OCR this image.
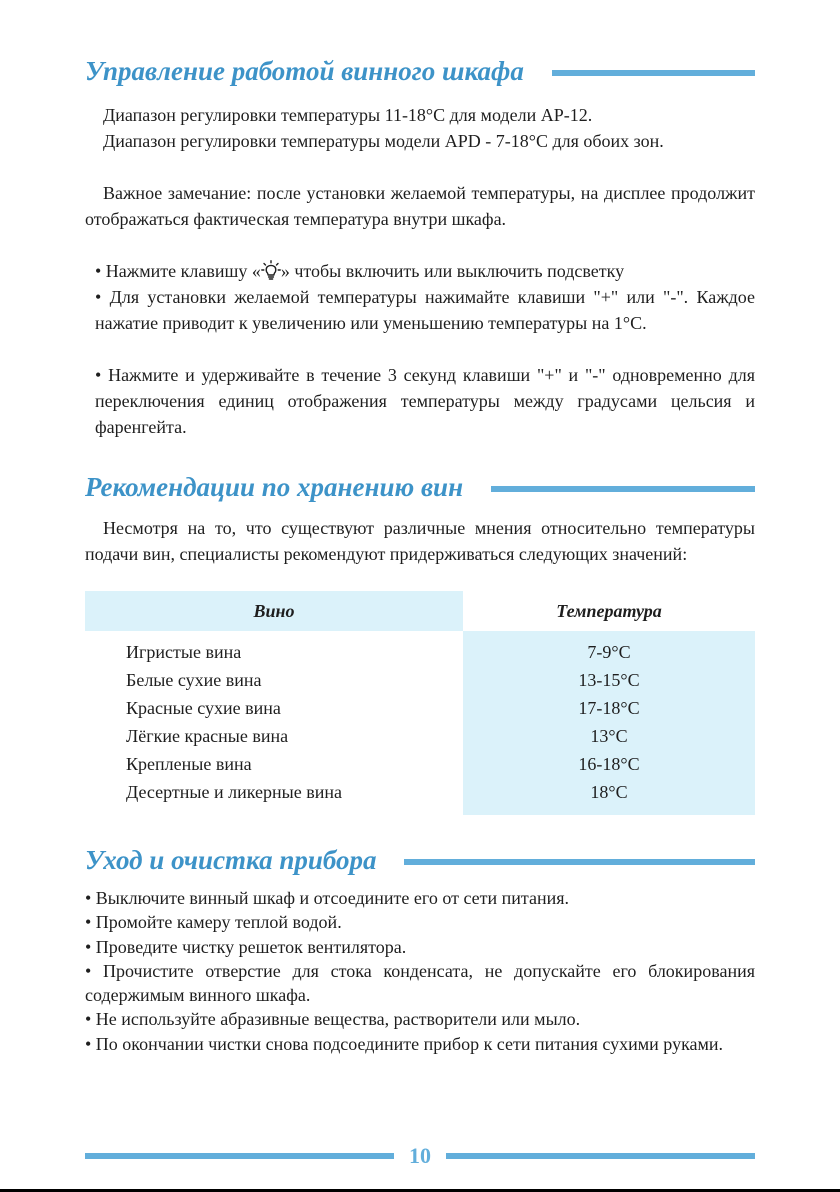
Управление работой винного шкафа

Диапазон регулировки температуры 11-18°С для модели АР-12.
Диапазон регулировки температуры модели APD - 7-18°С для обоих зон.

Важное замечание: после установки желаемой температуры, на дисплее продолжит отображаться фактическая температура внутри шкафа.

• Нажмите клавишу « » чтобы включить или выключить подсветку

• Для установки желаемой температуры нажимайте клавиши "+" или "-". Каждое нажатие приводит к увеличению или уменьшению температуры на 1°С.

• Нажмите и удерживайте в течение 3 секунд клавиши "+" и "-" одновременно для переключения единиц отображения температуры между градусами цельсия и фаренгейта.

Рекомендации по хранению вин

Несмотря на то, что существуют различные мнения относительно температуры подачи вин, специалисты рекомендуют придерживаться следующих значений:

Вино	Температура
Игристые вина
Белые сухие вина
Красные сухие вина
Лёгкие красные вина
Крепленые вина
Десертные и ликерные вина
7-9°С
13-15°С
17-18°С
13°С
16-18°С
18°С
Уход и очистка прибора

• Выключите винный шкаф и отсоедините его от сети питания.

• Промойте камеру теплой водой.

• Проведите чистку решеток вентилятора.

• Прочистите отверстие для стока конденсата, не допускайте его блокирования содержимым винного шкафа.

• Не используйте абразивные вещества, растворители или мыло.

• По окончании чистки снова подсоедините прибор к сети питания сухими руками.

10
